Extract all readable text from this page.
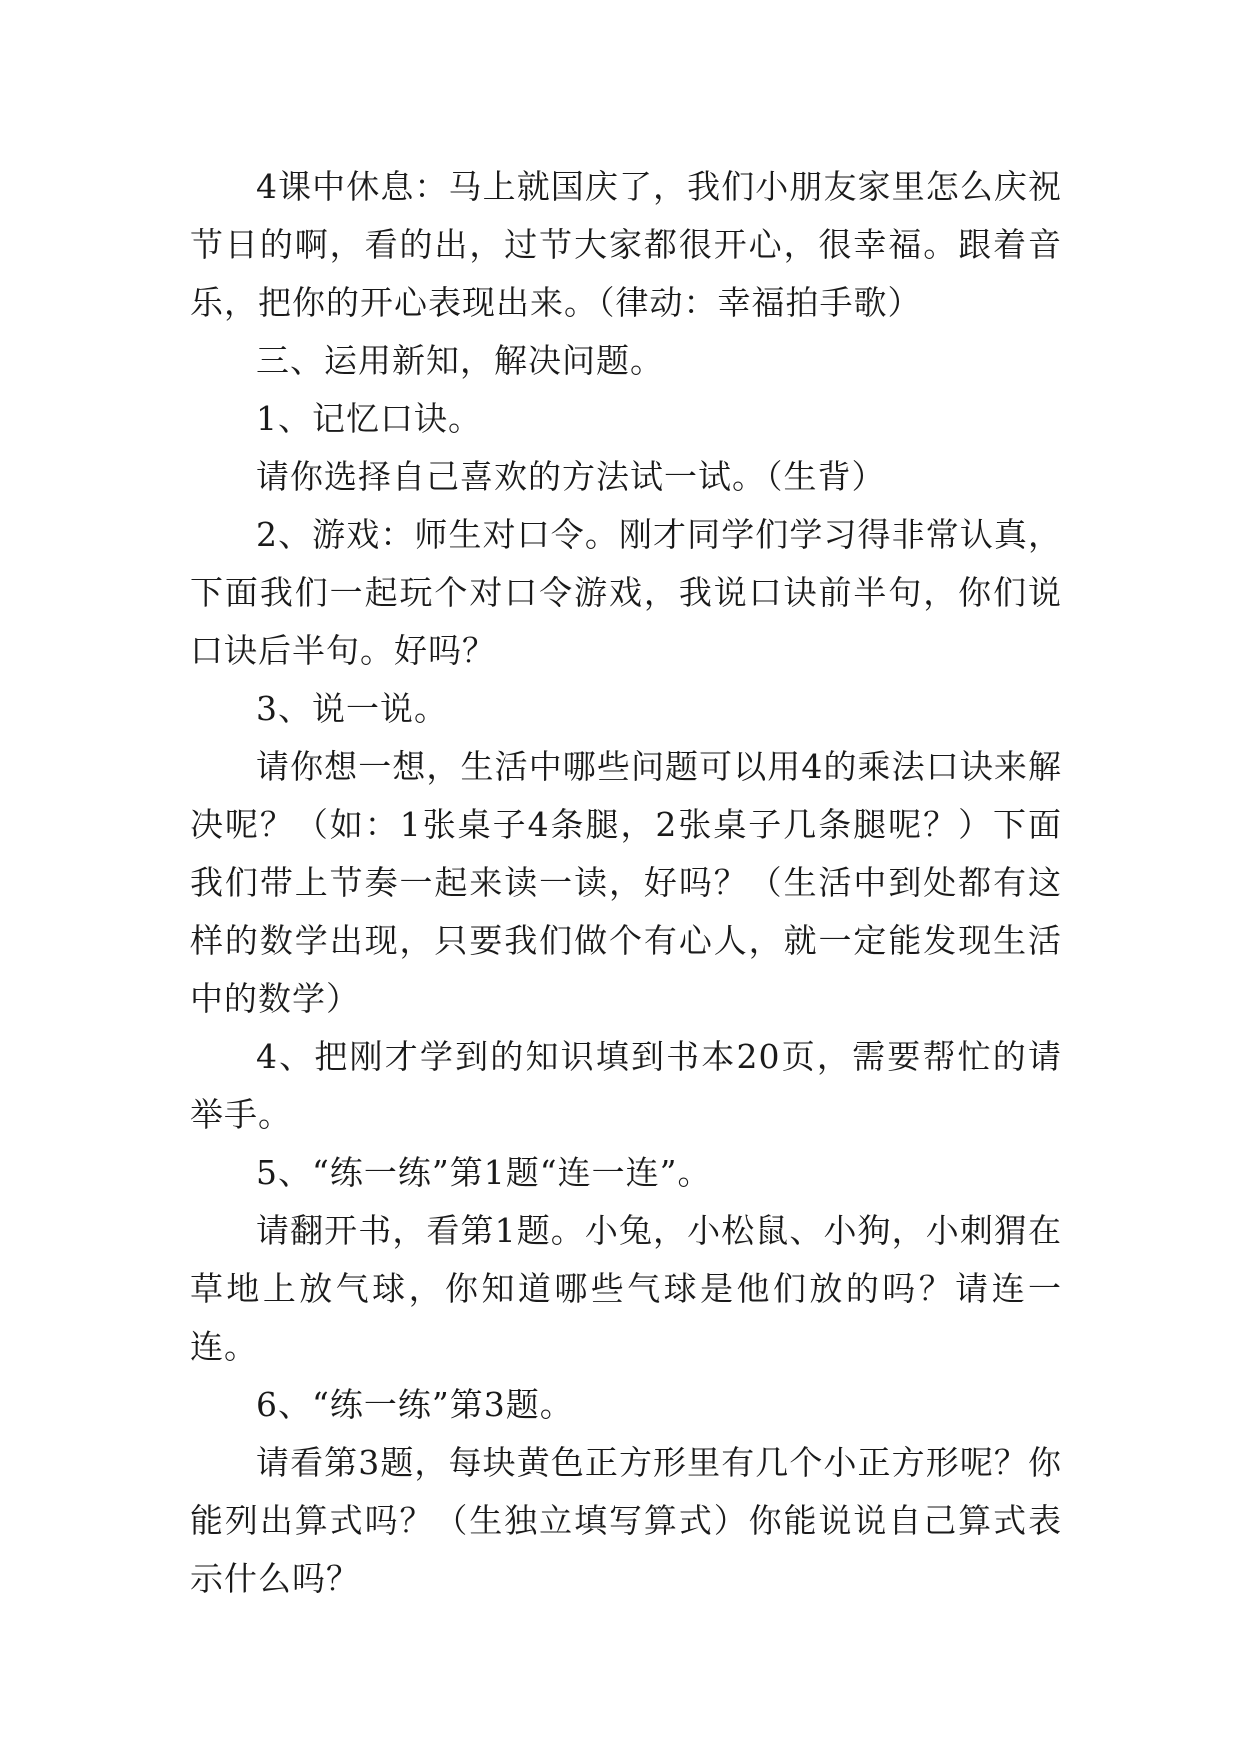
4课中休息：马上就国庆了，我们小朋友家里怎么庆祝节日的啊，看的出，过节大家都很开心，很幸福。跟着音乐，把你的开心表现出来。（律动：幸福拍手歌）

三、运用新知，解决问题。

1、记忆口诀。

请你选择自己喜欢的方法试一试。（生背）

2、游戏：师生对口令。刚才同学们学习得非常认真，下面我们一起玩个对口令游戏，我说口诀前半句，你们说口诀后半句。好吗？

3、说一说。

请你想一想，生活中哪些问题可以用4的乘法口诀来解决呢？（如：1张桌子4条腿，2张桌子几条腿呢？）下面我们带上节奏一起来读一读，好吗？（生活中到处都有这样的数学出现，只要我们做个有心人，就一定能发现生活中的数学）

4、把刚才学到的知识填到书本20页，需要帮忙的请举手。

5、“练一练”第1题“连一连”。

请翻开书，看第1题。小兔，小松鼠、小狗，小刺猬在草地上放气球，你知道哪些气球是他们放的吗？请连一连。

6、“练一练”第3题。

请看第3题，每块黄色正方形里有几个小正方形呢？你能列出算式吗？（生独立填写算式）你能说说自己算式表示什么吗？
